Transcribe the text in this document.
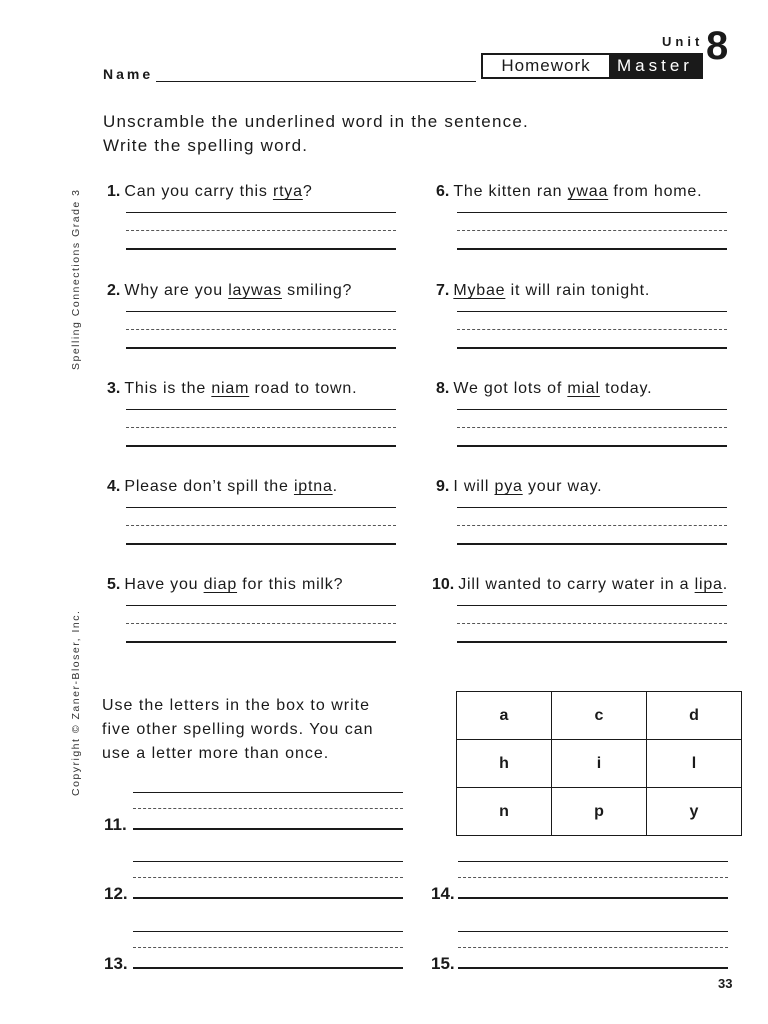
Unit 8
Homework	Master
Name
Unscramble the underlined word in the sentence.
Write the spelling word.
Spelling Connections Grade 3
Copyright © Zaner-Bloser, Inc.
1. Can you carry this rtya?
2. Why are you laywas smiling?
3. This is the niam road to town.
4. Please don’t spill the iptna.
5. Have you diap for this milk?
6. The kitten ran ywaa from home.
7. Mybae it will rain tonight.
8. We got lots of mial today.
9. I will pya your way.
10. Jill wanted to carry water in a lipa.
Use the letters in the box to write
five other spelling words. You can
use a letter more than once.
a	c	d
h	i	l
n	p	y
11.
12.
13.
14.
15.
33
